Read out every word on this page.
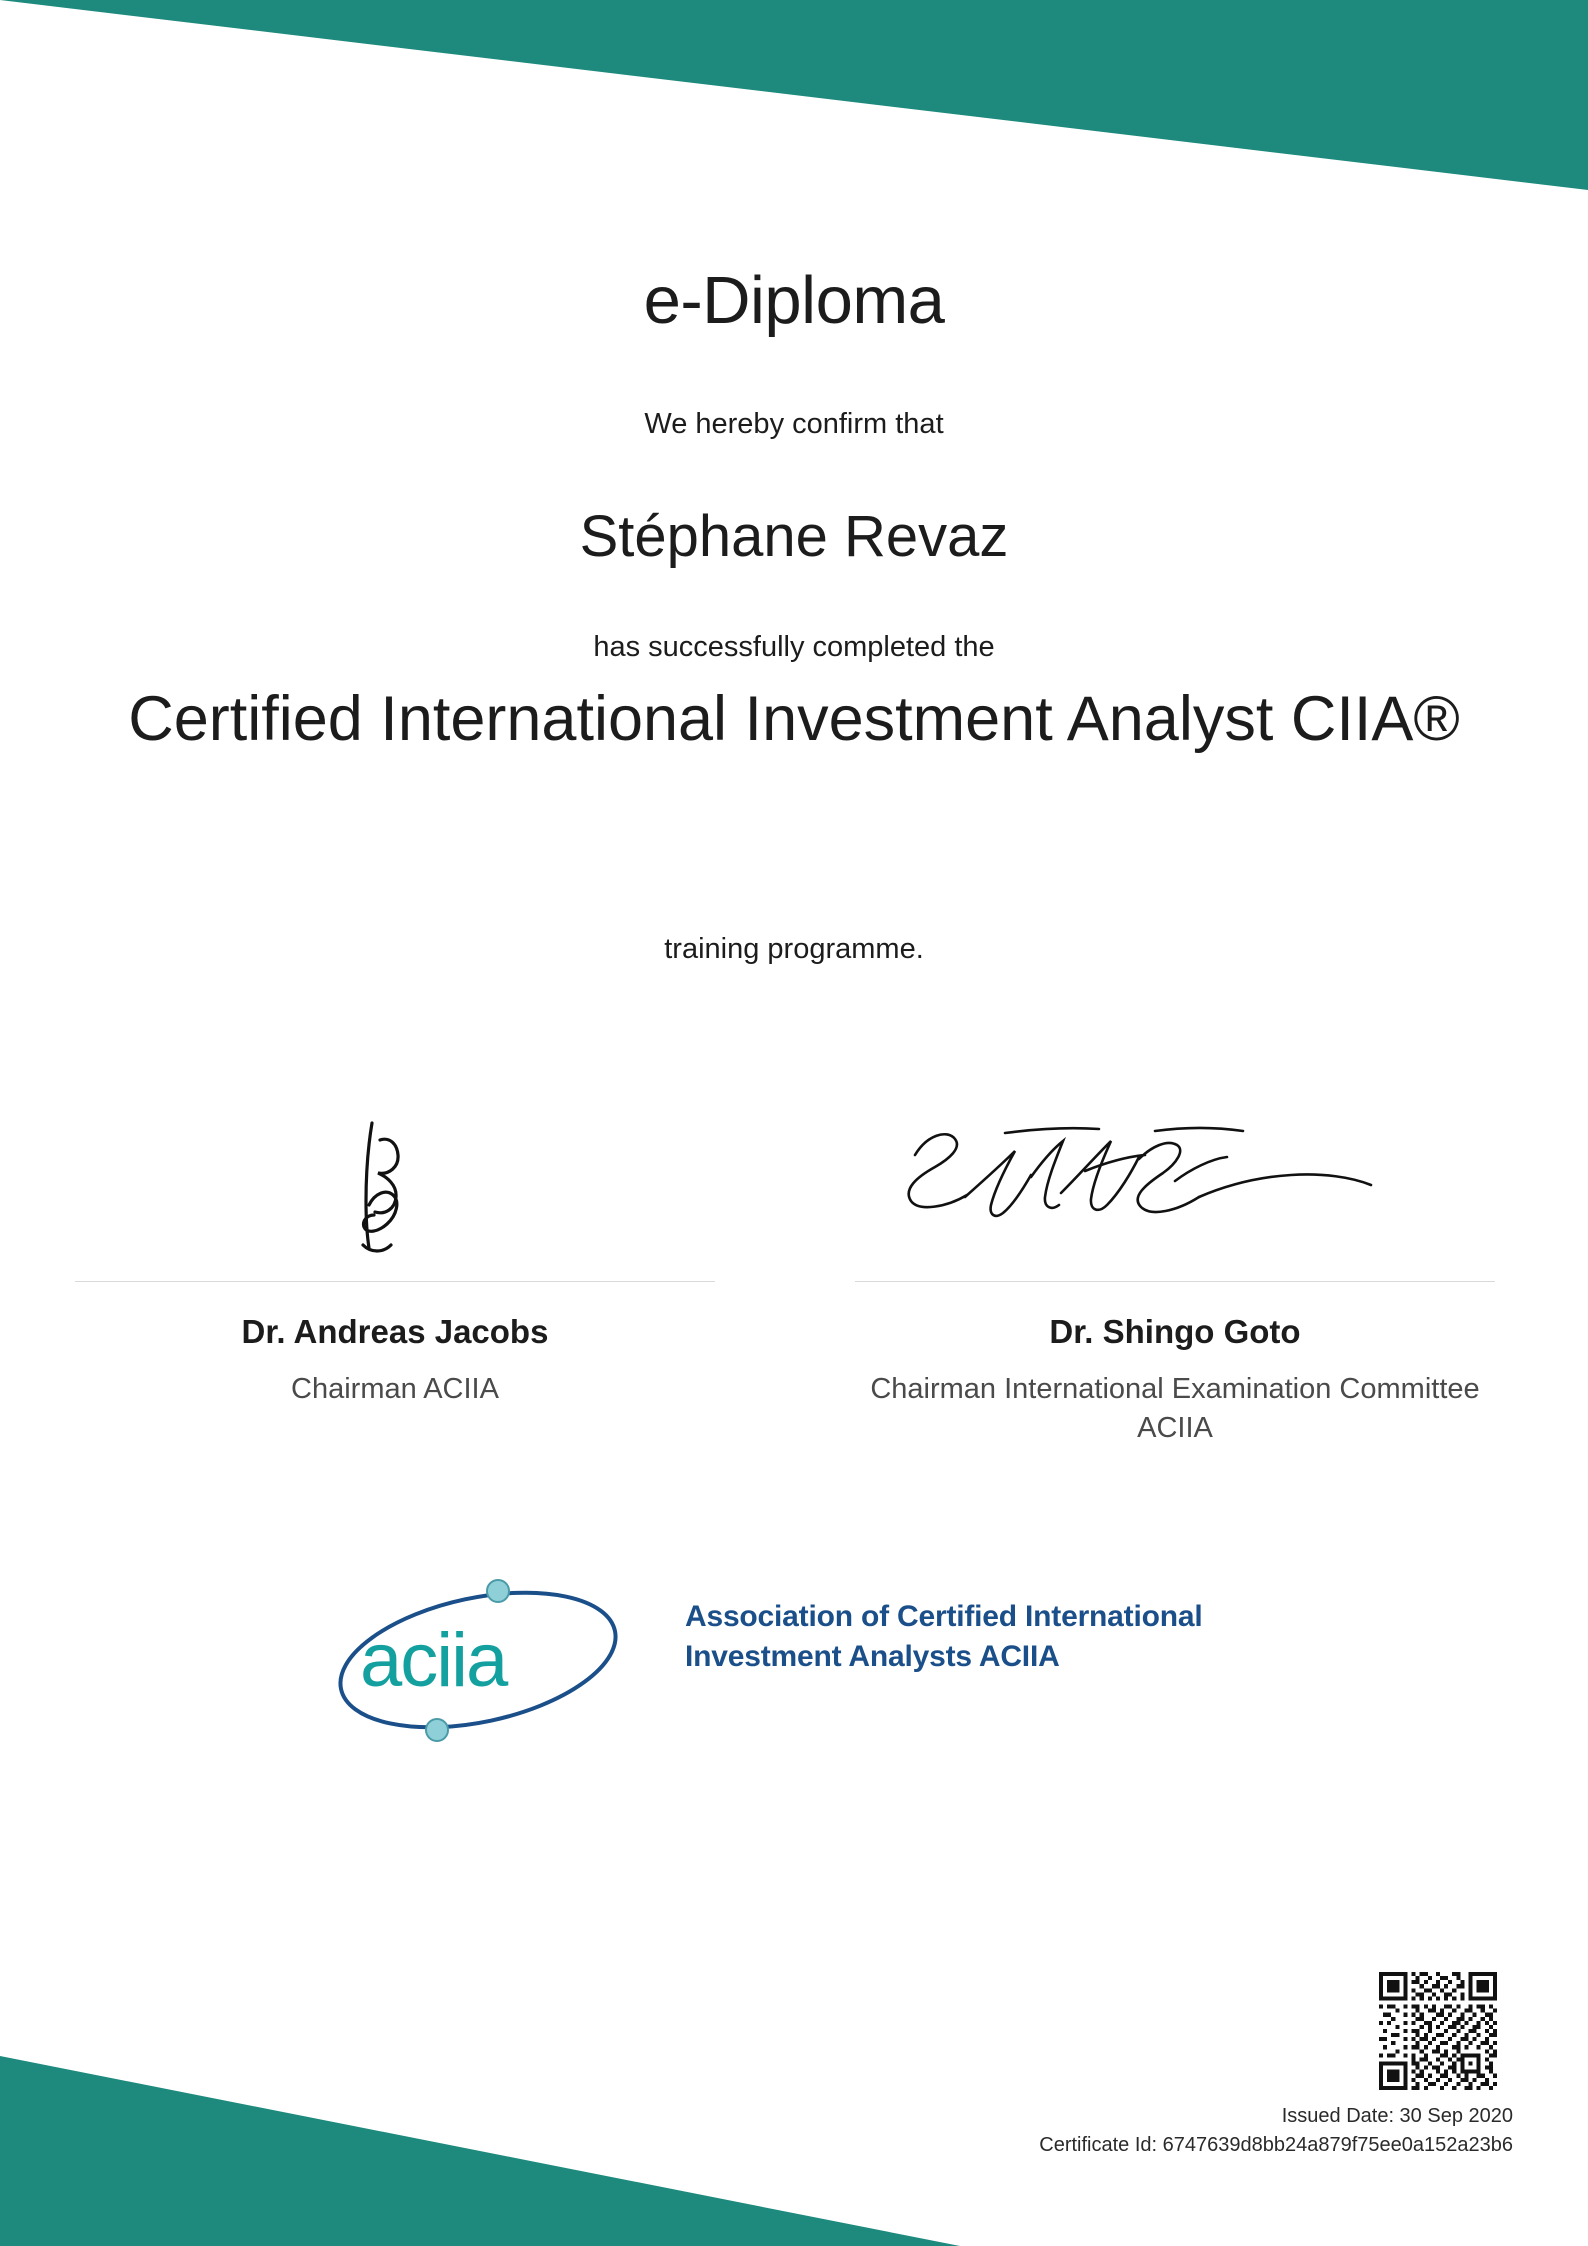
e-Diploma
We hereby confirm that
Stéphane Revaz
has successfully completed the
Certified International Investment Analyst CIIA®
training programme.
Dr. Andreas Jacobs
Chairman ACIIA
Dr. Shingo Goto
Chairman International Examination Committee ACIIA
aciia
Association of Certified International
Investment Analysts ACIIA
Issued Date: 30 Sep 2020
Certificate Id: 6747639d8bb24a879f75ee0a152a23b6
